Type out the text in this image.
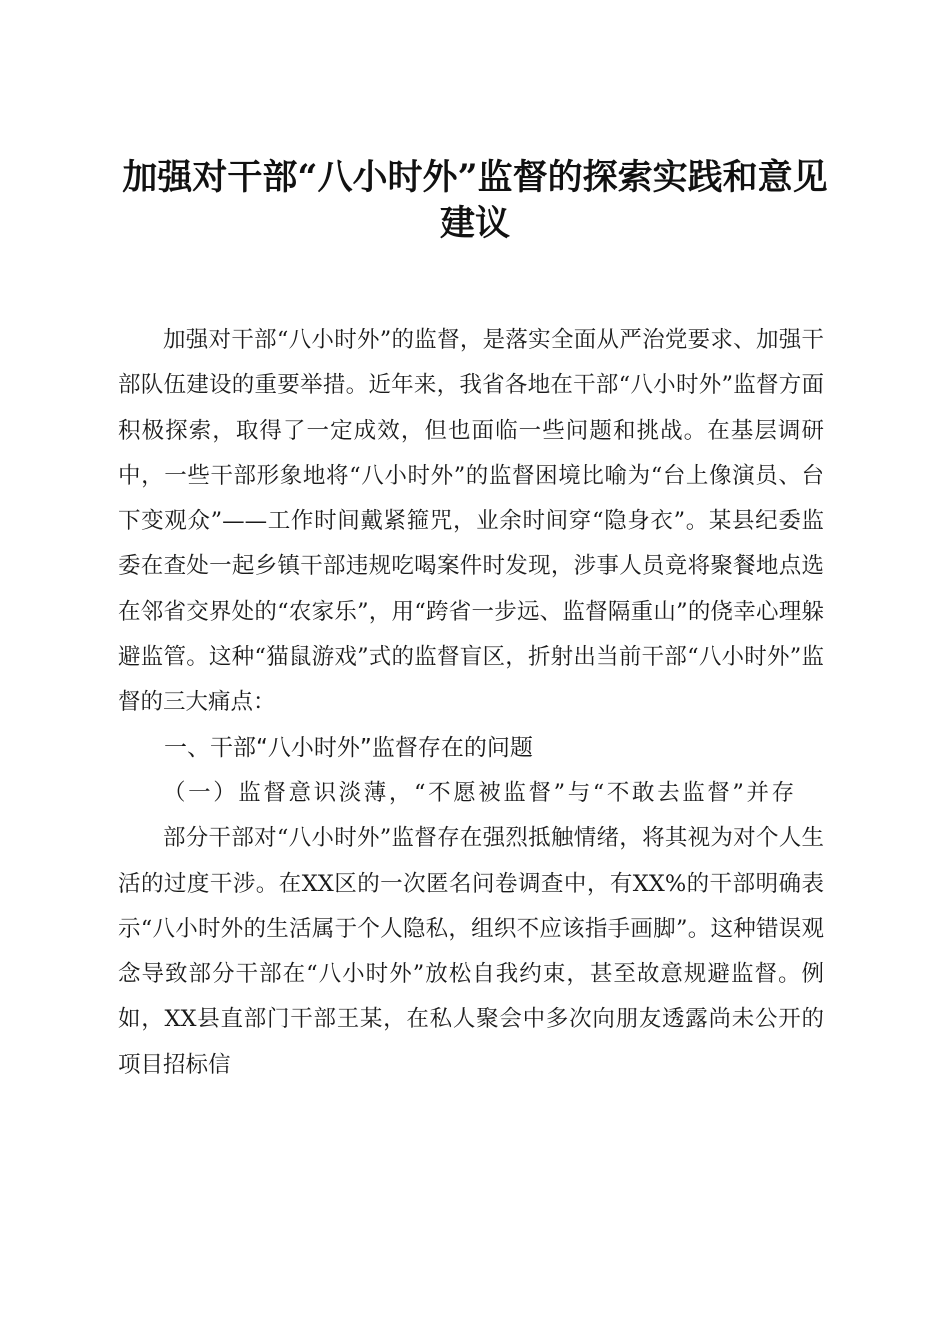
加强对干部“八小时外”监督的探索实践和意见建议

加强对干部“八小时外”的监督，是落实全面从严治党要求、加强干部队伍建设的重要举措。近年来，我省各地在干部“八小时外”监督方面积极探索，取得了一定成效，但也面临一些问题和挑战。在基层调研中，一些干部形象地将“八小时外”的监督困境比喻为“台上像演员、台下变观众”——工作时间戴紧箍咒，业余时间穿“隐身衣”。某县纪委监委在查处一起乡镇干部违规吃喝案件时发现，涉事人员竟将聚餐地点选在邻省交界处的“农家乐”，用“跨省一步远、监督隔重山”的侥幸心理躲避监管。这种“猫鼠游戏”式的监督盲区，折射出当前干部“八小时外”监督的三大痛点：

一、干部“八小时外”监督存在的问题

（一）监督意识淡薄，“不愿被监督”与“不敢去监督”并存

部分干部对“八小时外”监督存在强烈抵触情绪，将其视为对个人生活的过度干涉。在XX区的一次匿名问卷调查中，有XX%的干部明确表示“八小时外的生活属于个人隐私，组织不应该指手画脚”。这种错误观念导致部分干部在“八小时外”放松自我约束，甚至故意规避监督。例如，XX县直部门干部王某，在私人聚会中多次向朋友透露尚未公开的项目招标信
